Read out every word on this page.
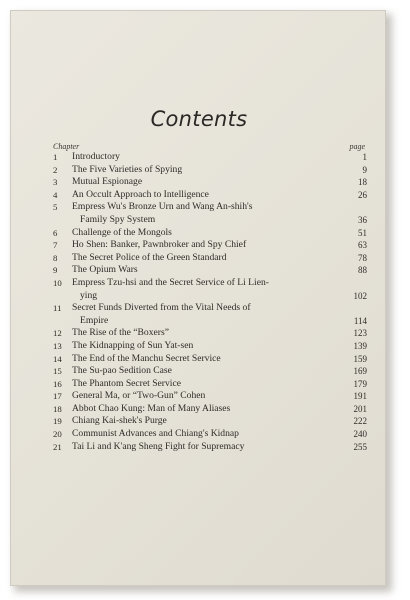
Contents
Chapter	page
1	Introductory	1
2	The Five Varieties of Spying	9
3	Mutual Espionage	18
4	An Occult Approach to Intelligence	26
5	Empress Wu's Bronze Urn and Wang An-shih's
Family Spy System	36
6	Challenge of the Mongols	51
7	Ho Shen: Banker, Pawnbroker and Spy Chief	63
8	The Secret Police of the Green Standard	78
9	The Opium Wars	88
10	Empress Tzu-hsi and the Secret Service of Li Lien-
ying	102
11	Secret Funds Diverted from the Vital Needs of
Empire	114
12	The Rise of the “Boxers”	123
13	The Kidnapping of Sun Yat-sen	139
14	The End of the Manchu Secret Service	159
15	The Su-pao Sedition Case	169
16	The Phantom Secret Service	179
17	General Ma, or “Two-Gun” Cohen	191
18	Abbot Chao Kung: Man of Many Aliases	201
19	Chiang Kai-shek's Purge	222
20	Communist Advances and Chiang's Kidnap	240
21	Tai Li and K'ang Sheng Fight for Supremacy	255
